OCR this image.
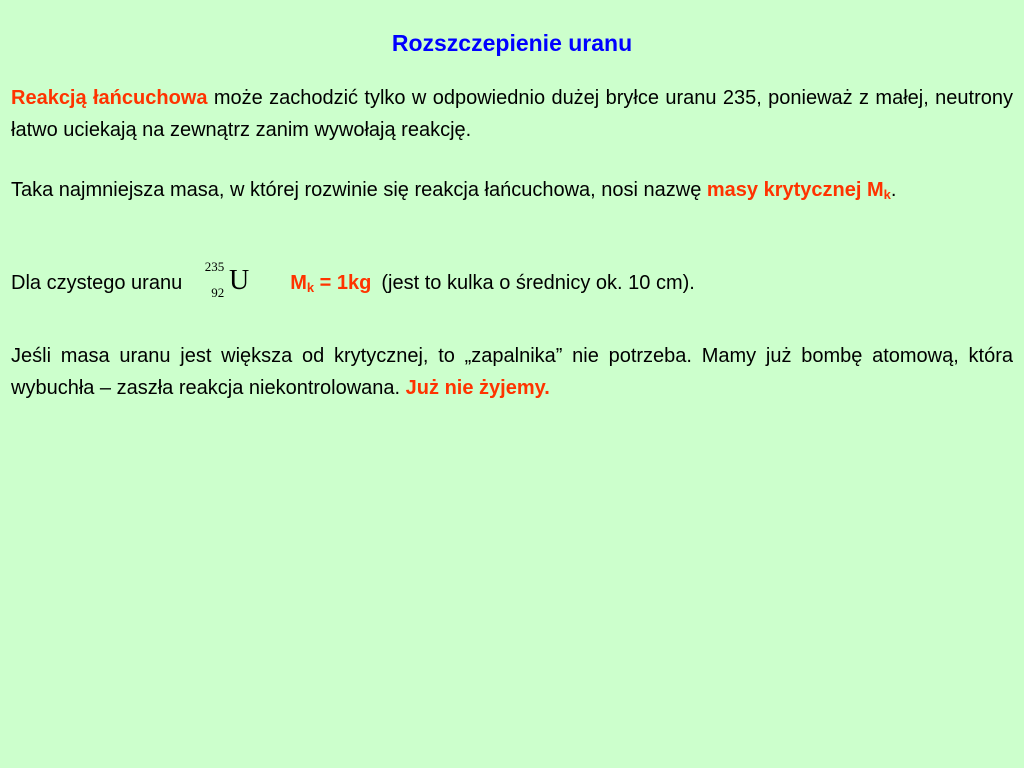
Rozszczepienie uranu
Reakcją łańcuchowa może zachodzić tylko w odpowiednio dużej bryłce uranu 235, ponieważ z małej, neutrony łatwo uciekają na zewnątrz zanim wywołają reakcję.
Taka najmniejsza masa, w której rozwinie się reakcja łańcuchowa, nosi nazwę masy krytycznej $M_k$.
Dla czystego uranu
235
92 U $M_k = 1kg$ (jest to kulka o średnicy ok. 10 cm).
Jeśli masa uranu jest większa od krytycznej, to „zapalnika” nie potrzeba. Mamy już bombę atomową, która wybuchła – zaszła reakcja niekontrolowana. Już nie żyjemy.
